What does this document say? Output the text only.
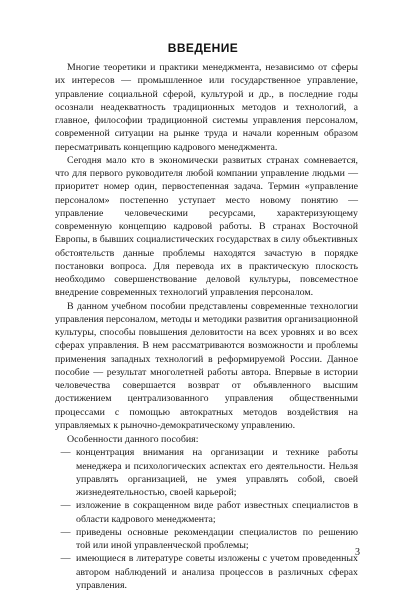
ВВЕДЕНИЕ

Многие теоретики и практики менеджмента, независимо от сферы их интересов — промышленное или государственное управление, управление социальной сферой, культурой и др., в последние годы осознали неадекватность традиционных методов и технологий, а главное, философии традиционной системы управления персоналом, современной ситуации на рынке труда и начали коренным образом пересматривать концепцию кадрового менеджмента.

Сегодня мало кто в экономически развитых странах сомневается, что для первого руководителя любой компании управление людьми — приоритет номер один, первостепенная задача. Термин «управление персоналом» постепенно уступает место новому понятию — управление человеческими ресурсами, характеризующему современную концепцию кадровой работы. В странах Восточной Европы, в бывших социалистических государствах в силу объективных обстоятельств данные проблемы находятся зачастую в порядке постановки вопроса. Для перевода их в практическую плоскость необходимо совершенствование деловой культуры, повсеместное внедрение современных технологий управления персоналом.

В данном учебном пособии представлены современные технологии управления персоналом, методы и методики развития организационной культуры, способы повышения деловитости на всех уровнях и во всех сферах управления. В нем рассматриваются возможности и проблемы применения западных технологий в реформируемой России. Данное пособие — результат многолетней работы автора. Впервые в истории человечества совершается возврат от объявленного высшим достижением централизованного управления общественными процессами с помощью автократных методов воздействия на управляемых к рыночно-демократическому управлению.

Особенности данного пособия:

— концентрация внимания на организации и технике работы менеджера и психологических аспектах его деятельности. Нельзя управлять организацией, не умея управлять собой, своей жизнедеятельностью, своей карьерой;
— изложение в сокращенном виде работ известных специалистов в области кадрового менеджмента;
— приведены основные рекомендации специалистов по решению той или иной управленческой проблемы;
— имеющиеся в литературе советы изложены с учетом проведенных автором наблюдений и анализа процессов в различных сферах управления.
3
